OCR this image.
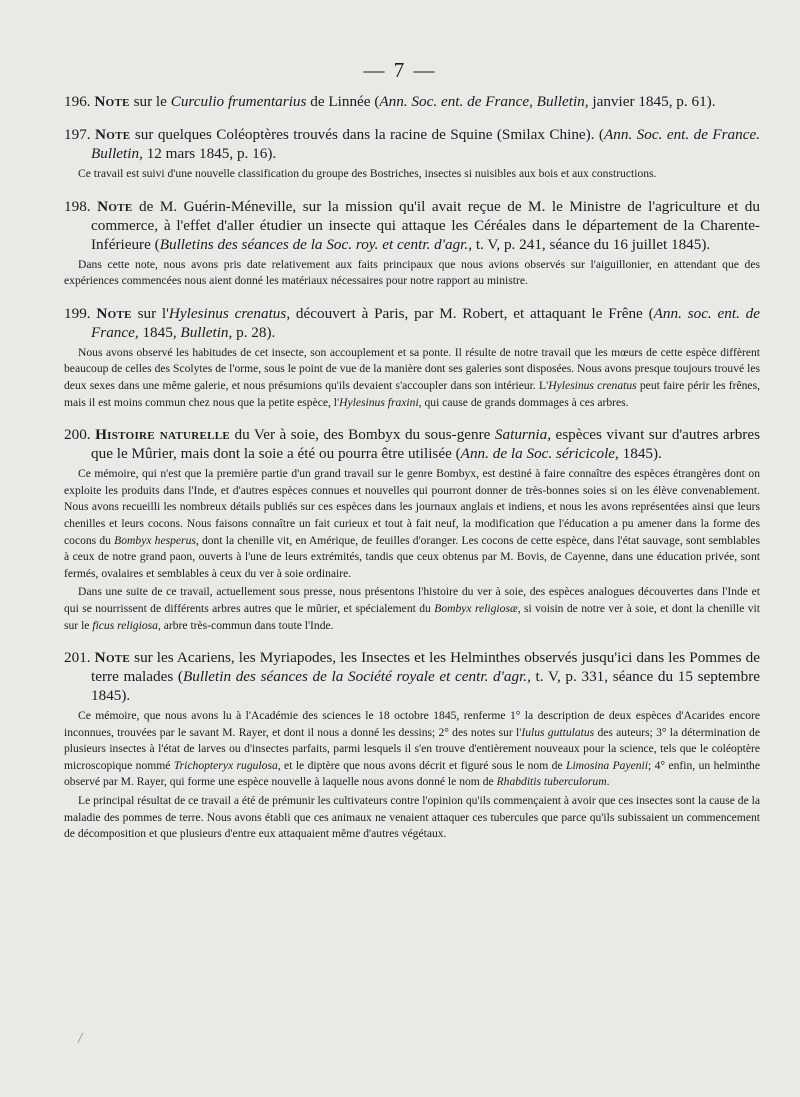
— 7 —
196. Note sur le Curculio frumentarius de Linnée (Ann. Soc. ent. de France, Bulletin, janvier 1845, p. 61).
197. Note sur quelques Coléoptères trouvés dans la racine de Squine (Smilax Chine). (Ann. Soc. ent. de France. Bulletin, 12 mars 1845, p. 16).
Ce travail est suivi d'une nouvelle classification du groupe des Bostriches, insectes si nuisibles aux bois et aux constructions.
198. Note de M. Guérin-Méneville, sur la mission qu'il avait reçue de M. le Ministre de l'agriculture et du commerce, à l'effet d'aller étudier un insecte qui attaque les Céréales dans le département de la Charente-Inférieure (Bulletins des séances de la Soc. roy. et centr. d'agr., t. V, p. 241, séance du 16 juillet 1845).
Dans cette note, nous avons pris date relativement aux faits principaux que nous avions observés sur l'aiguillonier, en attendant que des expériences commencées nous aient donné les matériaux nécessaires pour notre rapport au ministre.
199. Note sur l'Hylesinus crenatus, découvert à Paris, par M. Robert, et attaquant le Frêne (Ann. soc. ent. de France, 1845, Bulletin, p. 28).
Nous avons observé les habitudes de cet insecte, son accouplement et sa ponte. Il résulte de notre travail que les mœurs de cette espèce diffèrent beaucoup de celles des Scolytes de l'orme, sous le point de vue de la manière dont ses galeries sont disposées. Nous avons presque toujours trouvé les deux sexes dans une même galerie, et nous présumions qu'ils devaient s'accoupler dans son intérieur. L'Hylesinus crenatus peut faire périr les frênes, mais il est moins commun chez nous que la petite espèce, l'Hylesinus fraxini, qui cause de grands dommages à ces arbres.
200. Histoire naturelle du Ver à soie, des Bombyx du sous-genre Saturnia, espèces vivant sur d'autres arbres que le Mûrier, mais dont la soie a été ou pourra être utilisée (Ann. de la Soc. séricicole, 1845).
Ce mémoire, qui n'est que la première partie d'un grand travail sur le genre Bombyx, est destiné à faire connaître des espèces étrangères dont on exploite les produits dans l'Inde, et d'autres espèces connues et nouvelles qui pourront donner de très-bonnes soies si on les élève convenablement. Nous avons recueilli les nombreux détails publiés sur ces espèces dans les journaux anglais et indiens, et nous les avons représentées ainsi que leurs chenilles et leurs cocons. Nous faisons connaître un fait curieux et tout à fait neuf, la modification que l'éducation a pu amener dans la forme des cocons du Bombyx hesperus, dont la chenille vit, en Amérique, de feuilles d'oranger. Les cocons de cette espèce, dans l'état sauvage, sont semblables à ceux de notre grand paon, ouverts à l'une de leurs extrémités, tandis que ceux obtenus par M. Bovis, de Cayenne, dans une éducation privée, sont fermés, ovalaires et semblables à ceux du ver à soie ordinaire.
Dans une suite de ce travail, actuellement sous presse, nous présentons l'histoire du ver à soie, des espèces analogues découvertes dans l'Inde et qui se nourrissent de différents arbres autres que le mûrier, et spécialement du Bombyx religiosæ, si voisin de notre ver à soie, et dont la chenille vit sur le ficus religiosa, arbre très-commun dans toute l'Inde.
201. Note sur les Acariens, les Myriapodes, les Insectes et les Helminthes observés jusqu'ici dans les Pommes de terre malades (Bulletin des séances de la Société royale et centr. d'agr., t. V, p. 331, séance du 15 septembre 1845).
Ce mémoire, que nous avons lu à l'Académie des sciences le 18 octobre 1845, renferme 1° la description de deux espèces d'Acarides encore inconnues, trouvées par le savant M. Rayer, et dont il nous a donné les dessins; 2° des notes sur l'Iulus guttulatus des auteurs; 3° la détermination de plusieurs insectes à l'état de larves ou d'insectes parfaits, parmi lesquels il s'en trouve d'entièrement nouveaux pour la science, tels que le coléoptère microscopique nommé Trichopteryx rugulosa, et le diptère que nous avons décrit et figuré sous le nom de Limosina Payenii; 4° enfin, un helminthe observé par M. Rayer, qui forme une espèce nouvelle à laquelle nous avons donné le nom de Rhabditis tuberculorum.
Le principal résultat de ce travail a été de prémunir les cultivateurs contre l'opinion qu'ils commençaient à avoir que ces insectes sont la cause de la maladie des pommes de terre. Nous avons établi que ces animaux ne venaient attaquer ces tubercules que parce qu'ils subissaient un commencement de décomposition et que plusieurs d'entre eux attaquaient même d'autres végétaux.
/
